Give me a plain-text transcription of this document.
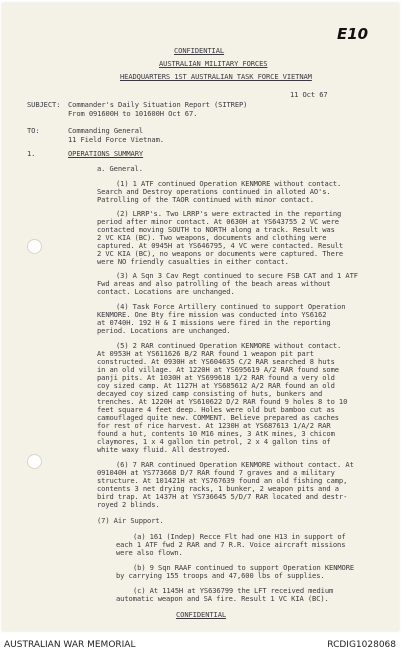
E10
CONFIDENTIAL
AUSTRALIAN MILITARY FORCES
HEADQUARTERS 1ST AUSTRALIAN TASK FORCE VIETNAM
11 Oct 67
SUBJECT: Commander's Daily Situation Report (SITREP)
From 091600H to 101600H Oct 67.
TO:	Commanding General
11 Field Force Vietnam.
1.	OPERATIONS SUMMARY
a. General.
(1) 1 ATF continued Operation KENMORE without contact.
Search and Destroy operations continued in alloted AO's.
Patrolling of the TAOR continued with minor contact.
(2) LRRP's. Two LRRP's were extracted in the reporting
period after minor contact. At 0630H at YS643755 2 VC were
contacted moving SOUTH to NORTH along a track. Result was
2 VC KIA (BC). Two weapons, documents and clothing were
captured. At 0945H at YS646795, 4 VC were contacted. Result
2 VC KIA (BC), no weapons or documents were captured. There
were NO friendly casualties in either contact.
(3) A Sqn 3 Cav Regt continued to secure FSB CAT and 1 ATF
Fwd areas and also patrolling of the beach areas without
contact. Locations are unchanged.
(4) Task Force Artillery continued to support Operation
KENMORE. One Bty fire mission was conducted into YS6162
at 0740H. 192 H & I missions were fired in the reporting
period. Locations are unchanged.
(5) 2 RAR continued Operation KENMORE without contact.
At 0953H at YS611626 B/2 RAR found 1 weapon pit part
constructed. At 0930H at YS604635 C/2 RAR searched 8 huts
in an old village. At 1220H at YS695619 A/2 RAR found some
panji pits. At 1030H at YS699618 1/2 RAR found a very old
coy sized camp. At 1127H at YS685612 A/2 RAR found an old
decayed coy sized camp consisting of huts, bunkers and
trenches. At 1220H at YS610622 D/2 RAR found 9 holes 8 to 10
feet square 4 feet deep. Holes were old but bamboo cut as
camouflaged quite new. COMMENT. Believe prepared as caches
for rest of rice harvest. At 1230H at YS687613 1/A/2 RAR
found a hut, contents 10 M16 mines, 3 AtK mines, 3 chicom
claymores, 1 x 4 gallon tin petrol, 2 x 4 gallon tins of
white waxy fluid. All destroyed.
(6) 7 RAR continued Operation KENMORE without contact. At
091040H at YS773668 D/7 RAR found 7 graves and a military
structure. At 101421H at YS767639 found an old fishing camp,
contents 3 net drying racks, 1 bunker, 2 weapon pits and a
bird trap. At 1437H at YS736645 5/D/7 RAR located and destr-
royed 2 blinds.
(7) Air Support.
(a) 161 (Indep) Recce Flt had one H13 in support of
each 1 ATF fwd 2 RAR and 7 R.R. Voice aircraft missions
were also flown.
(b) 9 Sqn RAAF continued to support Operation KENMORE
by carrying 155 troops and 47,600 lbs of supplies.
(c) At 1145H at YS636799 the LFT received medium
automatic weapon and SA fire. Result 1 VC KIA (BC).
CONFIDENTIAL
AUSTRALIAN WAR MEMORIAL	RCDIG1028068
